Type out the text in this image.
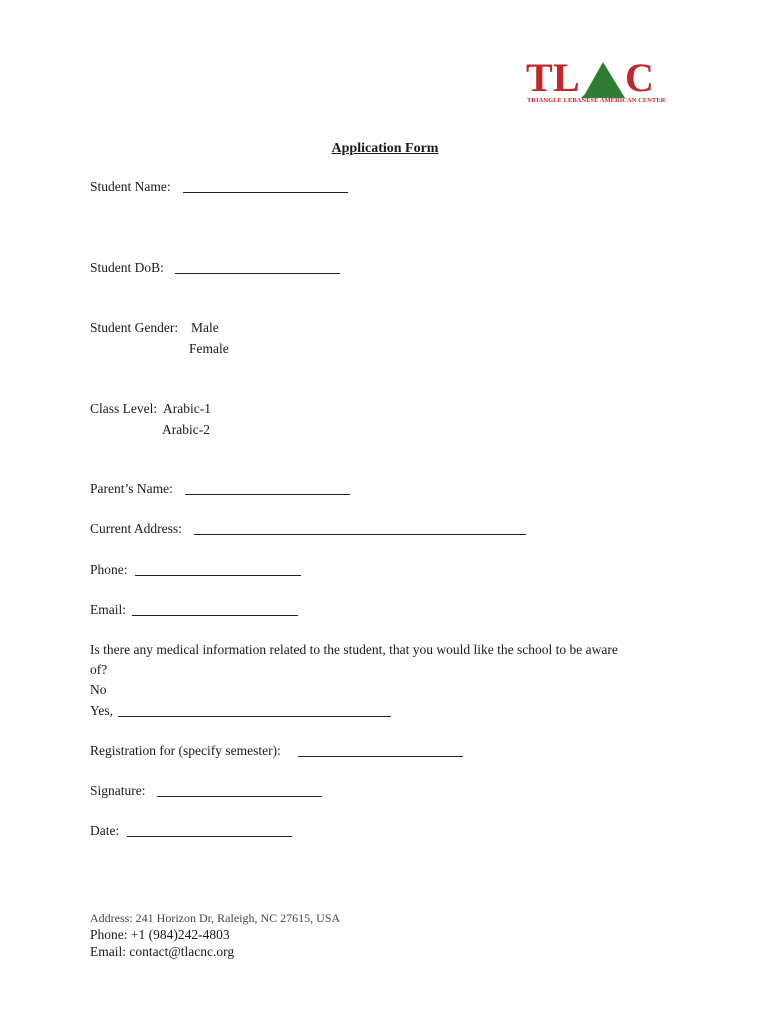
T L C
TRIANGLE LEBANESE AMERICAN CENTER
Application Form
Student Name:
Student DoB:
Student Gender: Male
Female
Class Level: Arabic-1
Arabic-2
Parent’s Name:
Current Address:
Phone:
Email:
Is there any medical information related to the student, that you would like the school to be aware
of?
No
Yes,
Registration for (specify semester):
Signature:
Date:
Address: 241 Horizon Dr, Raleigh, NC 27615, USA
Phone: +1 (984)242-4803
Email: contact@tlacnc.org
